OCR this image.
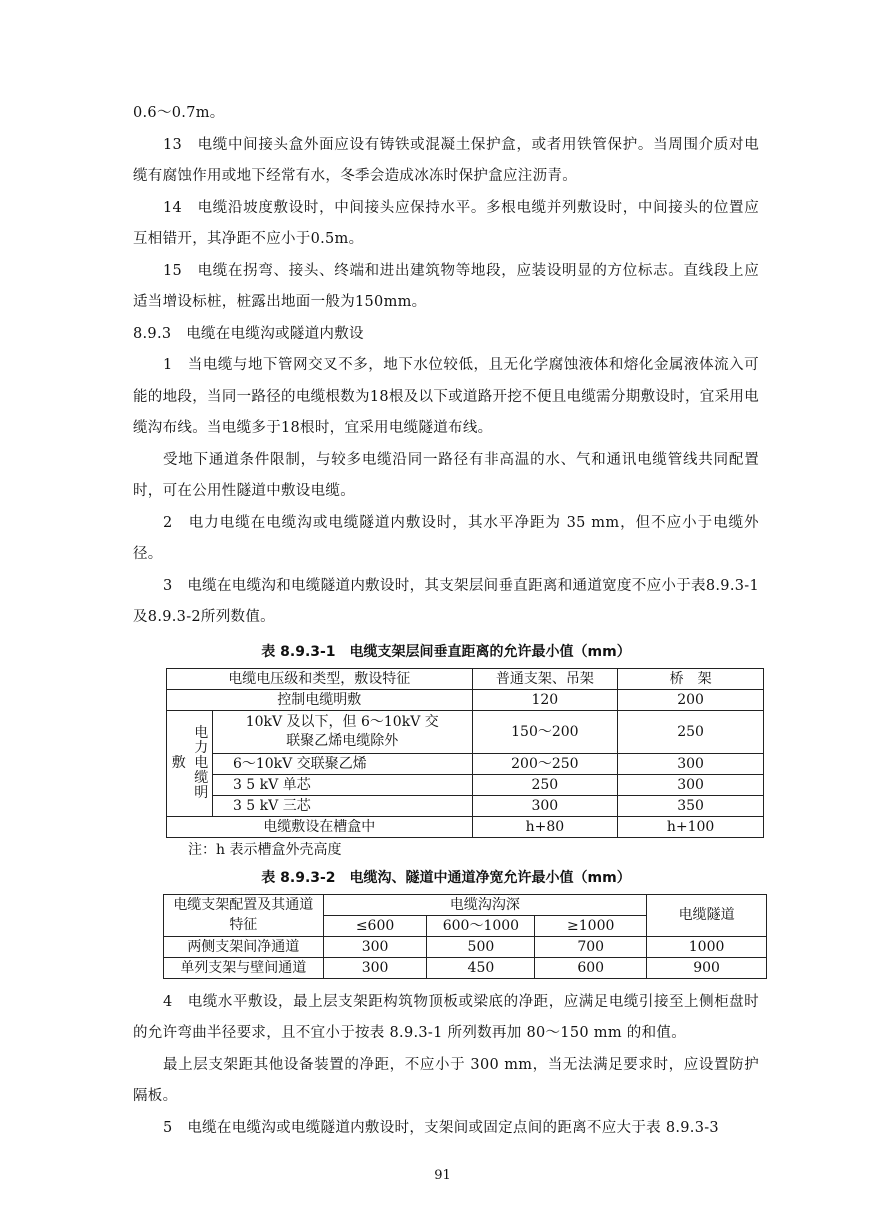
0.6～0.7m。

13　电缆中间接头盒外面应设有铸铁或混凝土保护盒，或者用铁管保护。当周围介质对电缆有腐蚀作用或地下经常有水，冬季会造成冰冻时保护盒应注沥青。

14　电缆沿坡度敷设时，中间接头应保持水平。多根电缆并列敷设时，中间接头的位置应互相错开，其净距不应小于0.5m。

15　电缆在拐弯、接头、终端和进出建筑物等地段，应装设明显的方位标志。直线段上应适当增设标桩，桩露出地面一般为150mm。

8.9.3　电缆在电缆沟或隧道内敷设

1　当电缆与地下管网交叉不多，地下水位较低，且无化学腐蚀液体和熔化金属液体流入可能的地段，当同一路径的电缆根数为18根及以下或道路开挖不便且电缆需分期敷设时，宜采用电缆沟布线。当电缆多于18根时，宜采用电缆隧道布线。

受地下通道条件限制，与较多电缆沿同一路径有非高温的水、气和通讯电缆管线共同配置时，可在公用性隧道中敷设电缆。

2　电力电缆在电缆沟或电缆隧道内敷设时，其水平净距为 35 mm，但不应小于电缆外径。

3　电缆在电缆沟和电缆隧道内敷设时，其支架层间垂直距离和通道宽度不应小于表8.9.3-1及8.9.3-2所列数值。

表 8.9.3-1　电缆支架层间垂直距离的允许最小值（mm）
电缆电压级和类型，敷设特征			普通支架、吊架	桥　架
控制电缆明敷			120	200
敷	电力电缆明	10kV 及以下，但 6～10kV 交联聚乙烯电缆除外	150～200	250
		6～10kV 交联聚乙烯	200～250	300
		3 5 kV 单芯	250	300
		3 5 kV 三芯	300	350
电缆敷设在槽盒中			h+80	h+100
注：h 表示槽盒外壳高度
表 8.9.3-2　电缆沟、隧道中通道净宽允许最小值（mm）
电缆支架配置及其通道特征	电缆沟沟深			电缆隧道
	≤600	600～1000	≥1000	
两侧支架间净通道	300	500	700	1000
单列支架与壁间通道	300	450	600	900

4　电缆水平敷设，最上层支架距构筑物顶板或梁底的净距，应满足电缆引接至上侧柜盘时的允许弯曲半径要求，且不宜小于按表 8.9.3-1 所列数再加 80～150 mm 的和值。

最上层支架距其他设备装置的净距，不应小于 300 mm，当无法满足要求时，应设置防护隔板。

5　电缆在电缆沟或电缆隧道内敷设时，支架间或固定点间的距离不应大于表 8.9.3-3

91
